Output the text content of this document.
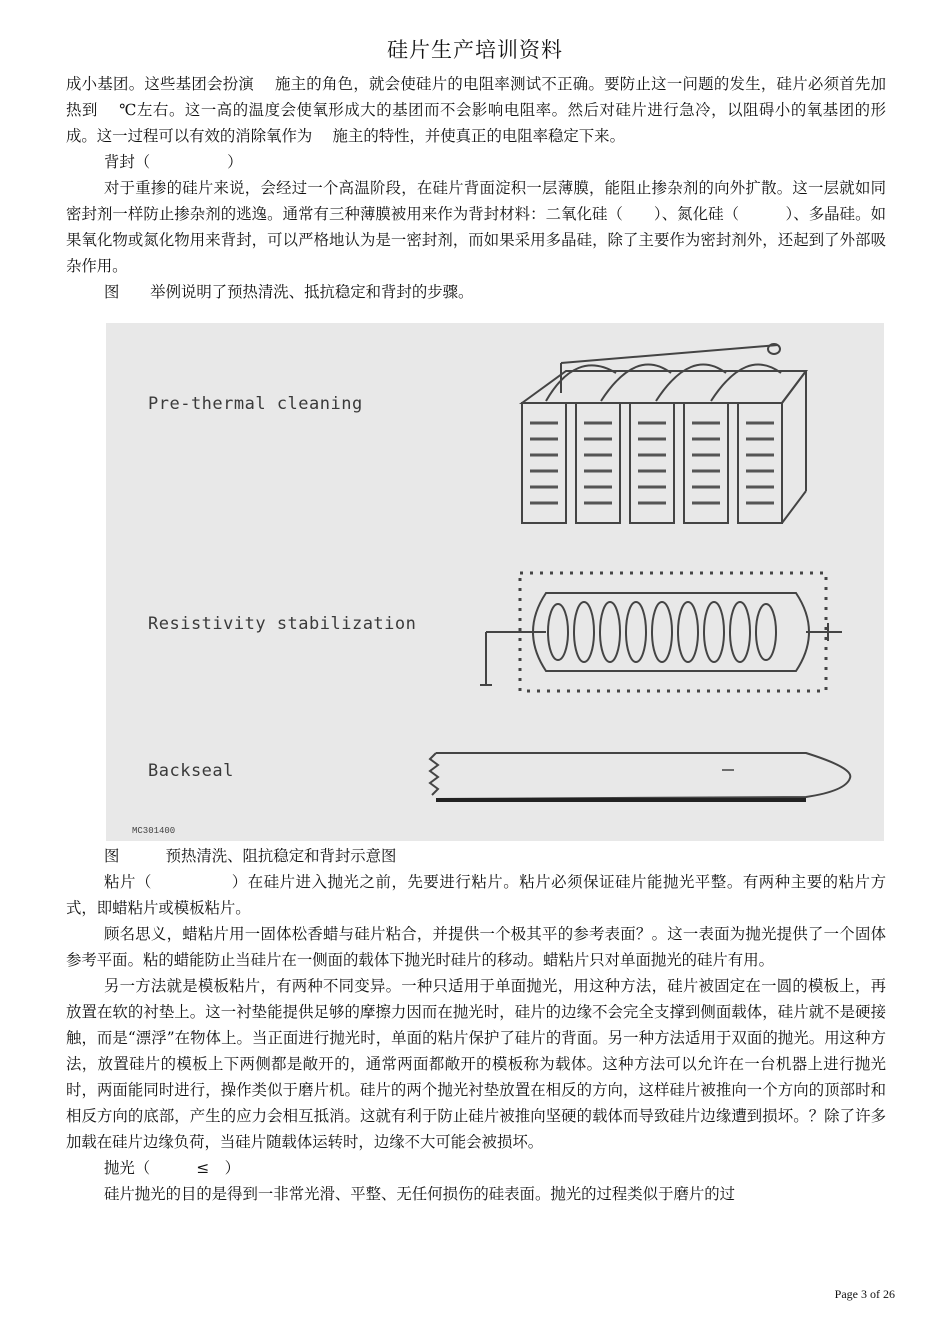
硅片生产培训资料

成小基团。这些基团会扮演　 施主的角色，就会使硅片的电阻率测试不正确。要防止这一问题的发生，硅片必须首先加热到　 ℃左右。这一高的温度会使氧形成大的基团而不会影响电阻率。然后对硅片进行急冷，以阻碍小的氧基团的形成。这一过程可以有效的消除氧作为　 施主的特性，并使真正的电阻率稳定下来。

背封（　　　　　）

对于重掺的硅片来说，会经过一个高温阶段，在硅片背面淀积一层薄膜，能阻止掺杂剂的向外扩散。这一层就如同密封剂一样防止掺杂剂的逃逸。通常有三种薄膜被用来作为背封材料：二氧化硅（　　）、氮化硅（　　　）、多晶硅。如果氧化物或氮化物用来背封，可以严格地认为是一密封剂，而如果采用多晶硅，除了主要作为密封剂外，还起到了外部吸杂作用。

图　　举例说明了预热清洗、抵抗稳定和背封的步骤。

Pre-thermal cleaning
Resistivity stabilization
Backseal
MC301400

图　　　预热清洗、阻抗稳定和背封示意图

粘片（　　　　　）在硅片进入抛光之前，先要进行粘片。粘片必须保证硅片能抛光平整。有两种主要的粘片方式，即蜡粘片或模板粘片。

顾名思义，蜡粘片用一固体松香蜡与硅片粘合，并提供一个极其平的参考表面？。这一表面为抛光提供了一个固体参考平面。粘的蜡能防止当硅片在一侧面的载体下抛光时硅片的移动。蜡粘片只对单面抛光的硅片有用。

另一方法就是模板粘片，有两种不同变异。一种只适用于单面抛光，用这种方法，硅片被固定在一圆的模板上，再放置在软的衬垫上。这一衬垫能提供足够的摩擦力因而在抛光时，硅片的边缘不会完全支撑到侧面载体，硅片就不是硬接触，而是“漂浮”在物体上。当正面进行抛光时，单面的粘片保护了硅片的背面。另一种方法适用于双面的抛光。用这种方法，放置硅片的模板上下两侧都是敞开的，通常两面都敞开的模板称为载体。这种方法可以允许在一台机器上进行抛光时，两面能同时进行，操作类似于磨片机。硅片的两个抛光衬垫放置在相反的方向，这样硅片被推向一个方向的顶部时和相反方向的底部，产生的应力会相互抵消。这就有利于防止硅片被推向坚硬的载体而导致硅片边缘遭到损坏。？除了许多加载在硅片边缘负荷，当硅片随载体运转时，边缘不大可能会被损坏。

抛光（　　　≤　）

硅片抛光的目的是得到一非常光滑、平整、无任何损伤的硅表面。抛光的过程类似于磨片的过

Page 3 of 26
